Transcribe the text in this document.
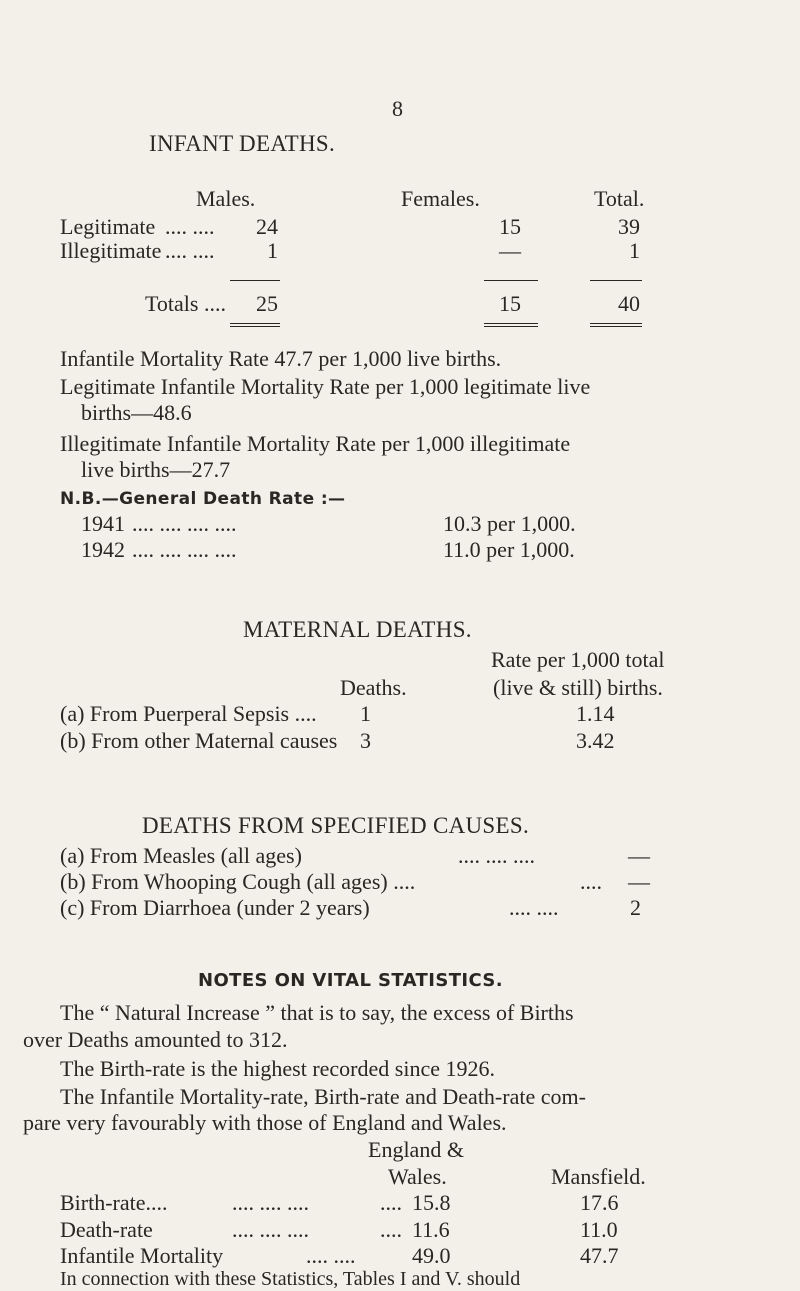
8
INFANT DEATHS.
Males.	Females.	Total.
Legitimate .... ....	24	15	39
Illegitimate .... ....	1	—	1
Totals ....	25	15	40
Infantile Mortality Rate 47.7 per 1,000 live births.
Legitimate Infantile Mortality Rate per 1,000 legitimate live
births—48.6
Illegitimate Infantile Mortality Rate per 1,000 illegitimate
live births—27.7
N.B.—General Death Rate :—
1941 .... .... .... ....	10.3 per 1,000.
1942 .... .... .... ....	11.0 per 1,000.
MATERNAL DEATHS.
Rate per 1,000 total
Deaths.	(live & still) births.
(a) From Puerperal Sepsis .... 1	1.14
(b) From other Maternal causes 3	3.42
DEATHS FROM SPECIFIED CAUSES.
(a) From Measles (all ages)	.... .... ....	—
(b) From Whooping Cough (all ages) ....	.... —
(c) From Diarrhoea (under 2 years)	.... ....	2
NOTES ON VITAL STATISTICS.
The “ Natural Increase ” that is to say, the excess of Births
over Deaths amounted to 312.
The Birth-rate is the highest recorded since 1926.
The Infantile Mortality-rate, Birth-rate and Death-rate com-
pare very favourably with those of England and Wales.
England &
Wales.	Mansfield.
Birth-rate....	.... .... ....	.... 15.8	17.6
Death-rate	.... .... ....	.... 11.6	11.0
Infantile Mortality	.... ....	49.0	47.7
In connection with these Statistics, Tables I and V. should
